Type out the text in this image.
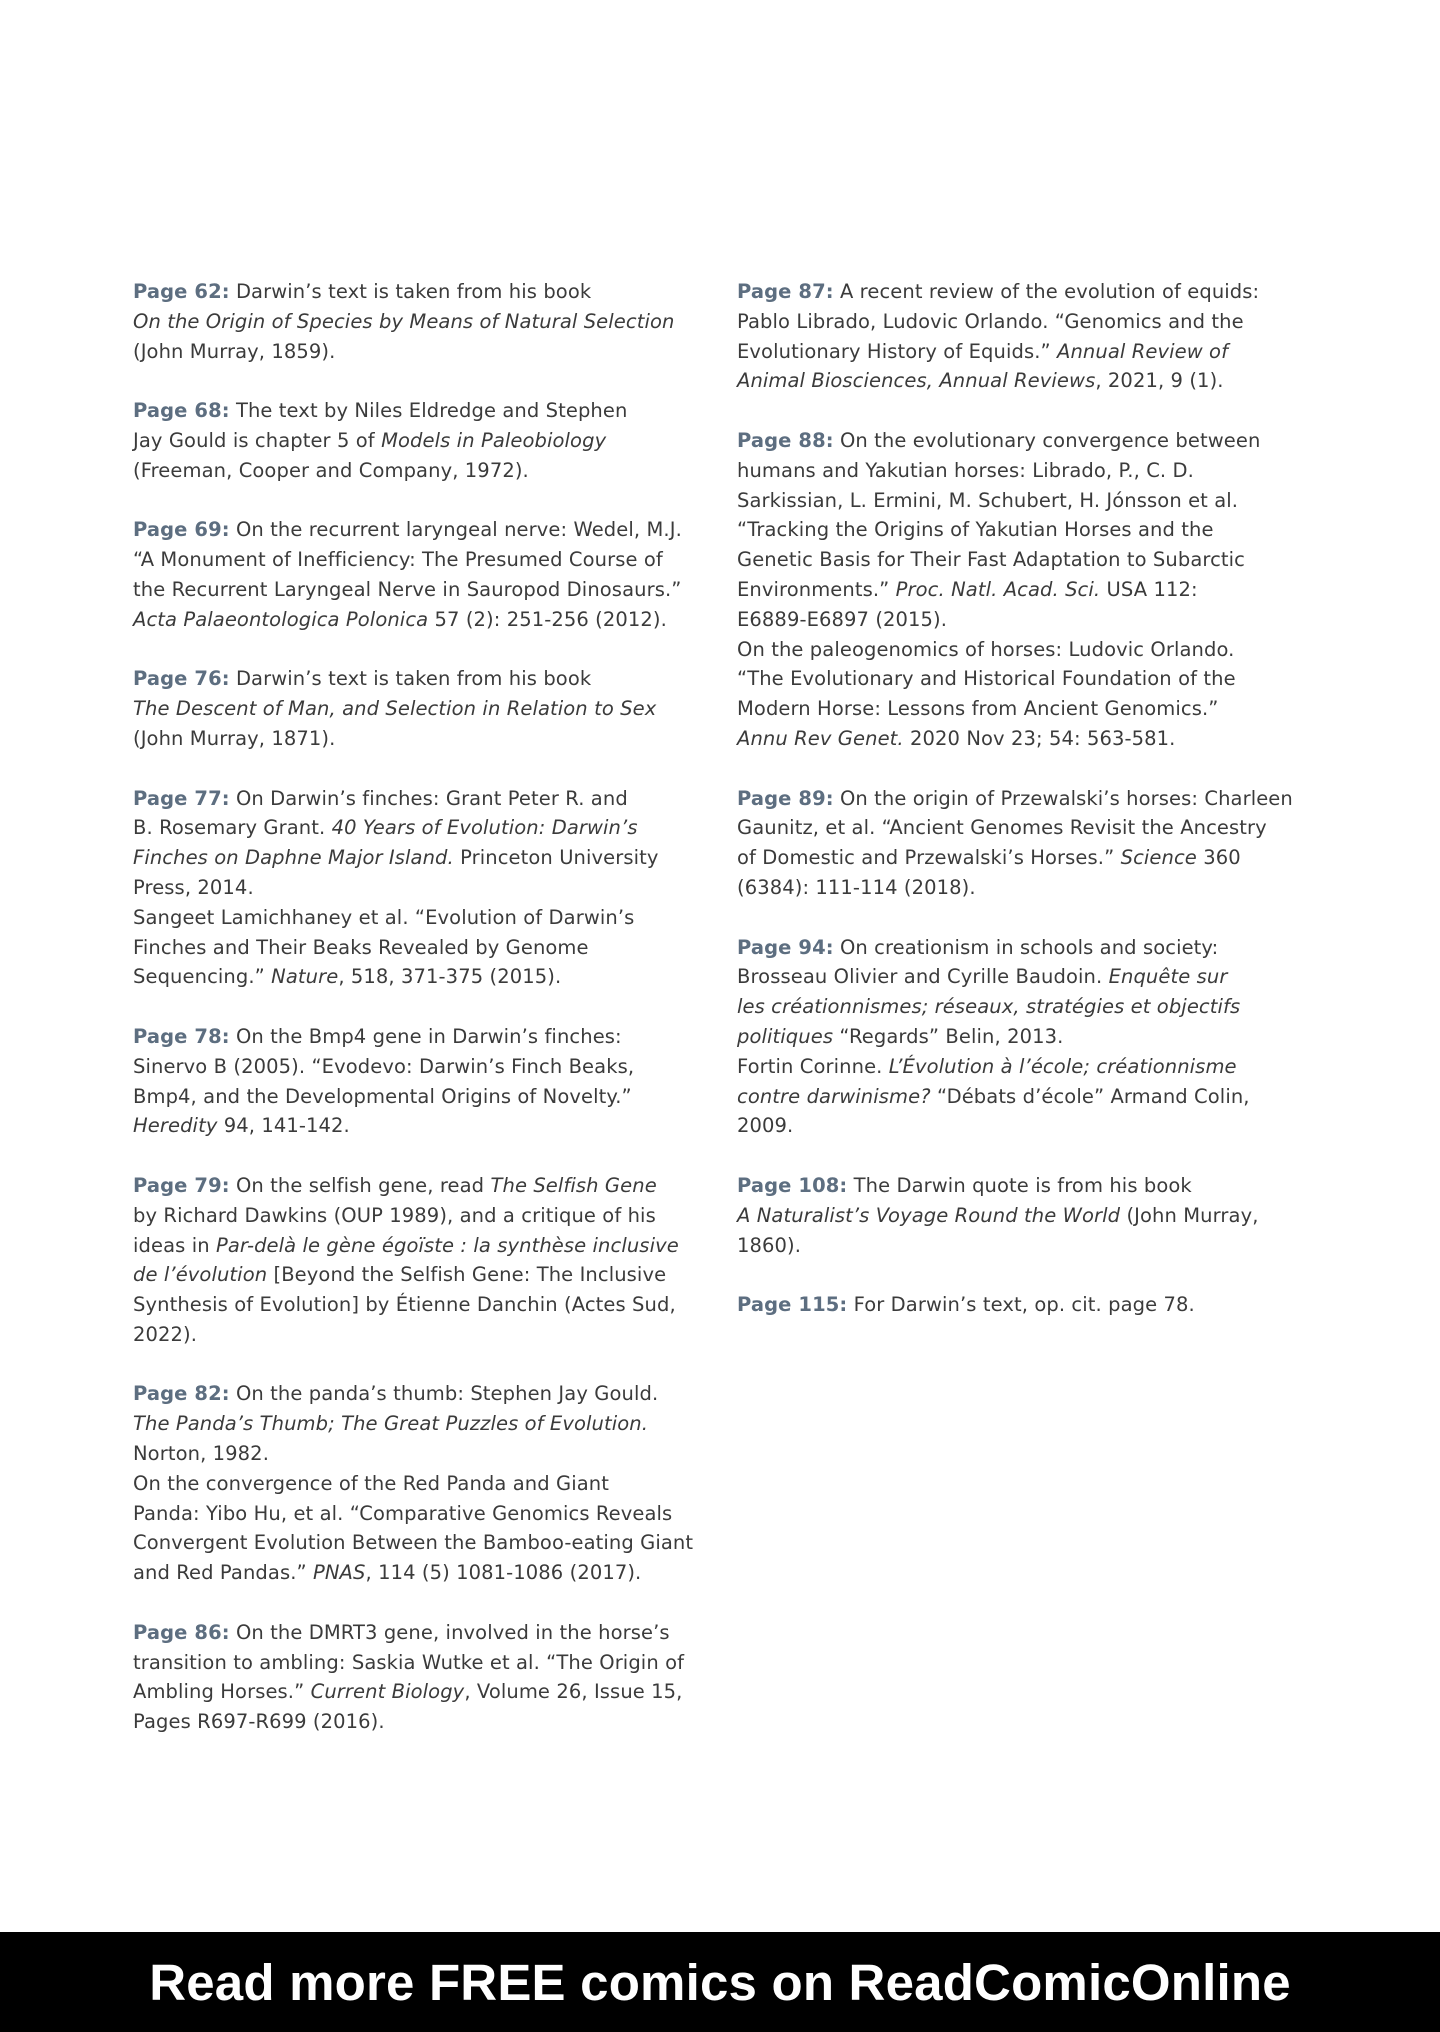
Page 62: Darwin’s text is taken from his book
On the Origin of Species by Means of Natural Selection
(John Murray, 1859).
Page 68: The text by Niles Eldredge and Stephen
Jay Gould is chapter 5 of Models in Paleobiology
(Freeman, Cooper and Company, 1972).
Page 69: On the recurrent laryngeal nerve: Wedel, M.J.
“A Monument of Inefficiency: The Presumed Course of
the Recurrent Laryngeal Nerve in Sauropod Dinosaurs.”
Acta Palaeontologica Polonica 57 (2): 251-256 (2012).
Page 76: Darwin’s text is taken from his book
The Descent of Man, and Selection in Relation to Sex
(John Murray, 1871).
Page 77: On Darwin’s finches: Grant Peter R. and
B. Rosemary Grant. 40 Years of Evolution: Darwin’s
Finches on Daphne Major Island. Princeton University
Press, 2014.
Sangeet Lamichhaney et al. “Evolution of Darwin’s
Finches and Their Beaks Revealed by Genome
Sequencing.” Nature, 518, 371-375 (2015).
Page 78: On the Bmp4 gene in Darwin’s finches:
Sinervo B (2005). “Evodevo: Darwin’s Finch Beaks,
Bmp4, and the Developmental Origins of Novelty.”
Heredity 94, 141-142.
Page 79: On the selfish gene, read The Selfish Gene
by Richard Dawkins (OUP 1989), and a critique of his
ideas in Par-delà le gène égoïste : la synthèse inclusive
de l’évolution [Beyond the Selfish Gene: The Inclusive
Synthesis of Evolution] by Étienne Danchin (Actes Sud,
2022).
Page 82: On the panda’s thumb: Stephen Jay Gould.
The Panda’s Thumb; The Great Puzzles of Evolution.
Norton, 1982.
On the convergence of the Red Panda and Giant
Panda: Yibo Hu, et al. “Comparative Genomics Reveals
Convergent Evolution Between the Bamboo-eating Giant
and Red Pandas.” PNAS, 114 (5) 1081-1086 (2017).
Page 86: On the DMRT3 gene, involved in the horse’s
transition to ambling: Saskia Wutke et al. “The Origin of
Ambling Horses.” Current Biology, Volume 26, Issue 15,
Pages R697-R699 (2016).
Page 87: A recent review of the evolution of equids:
Pablo Librado, Ludovic Orlando. “Genomics and the
Evolutionary History of Equids.” Annual Review of
Animal Biosciences, Annual Reviews, 2021, 9 (1).
Page 88: On the evolutionary convergence between
humans and Yakutian horses: Librado, P., C. D.
Sarkissian, L. Ermini, M. Schubert, H. Jónsson et al.
“Tracking the Origins of Yakutian Horses and the
Genetic Basis for Their Fast Adaptation to Subarctic
Environments.” Proc. Natl. Acad. Sci. USA 112:
E6889-E6897 (2015).
On the paleogenomics of horses: Ludovic Orlando.
“The Evolutionary and Historical Foundation of the
Modern Horse: Lessons from Ancient Genomics.”
Annu Rev Genet. 2020 Nov 23; 54: 563-581.
Page 89: On the origin of Przewalski’s horses: Charleen
Gaunitz, et al. “Ancient Genomes Revisit the Ancestry
of Domestic and Przewalski’s Horses.” Science 360
(6384): 111-114 (2018).
Page 94: On creationism in schools and society:
Brosseau Olivier and Cyrille Baudoin. Enquête sur
les créationnismes; réseaux, stratégies et objectifs
politiques “Regards” Belin, 2013.
Fortin Corinne. L’Évolution à l’école; créationnisme
contre darwinisme? “Débats d’école” Armand Colin,
2009.
Page 108: The Darwin quote is from his book
A Naturalist’s Voyage Round the World (John Murray,
1860).
Page 115: For Darwin’s text, op. cit. page 78.
Read more FREE comics on ReadComicOnline
